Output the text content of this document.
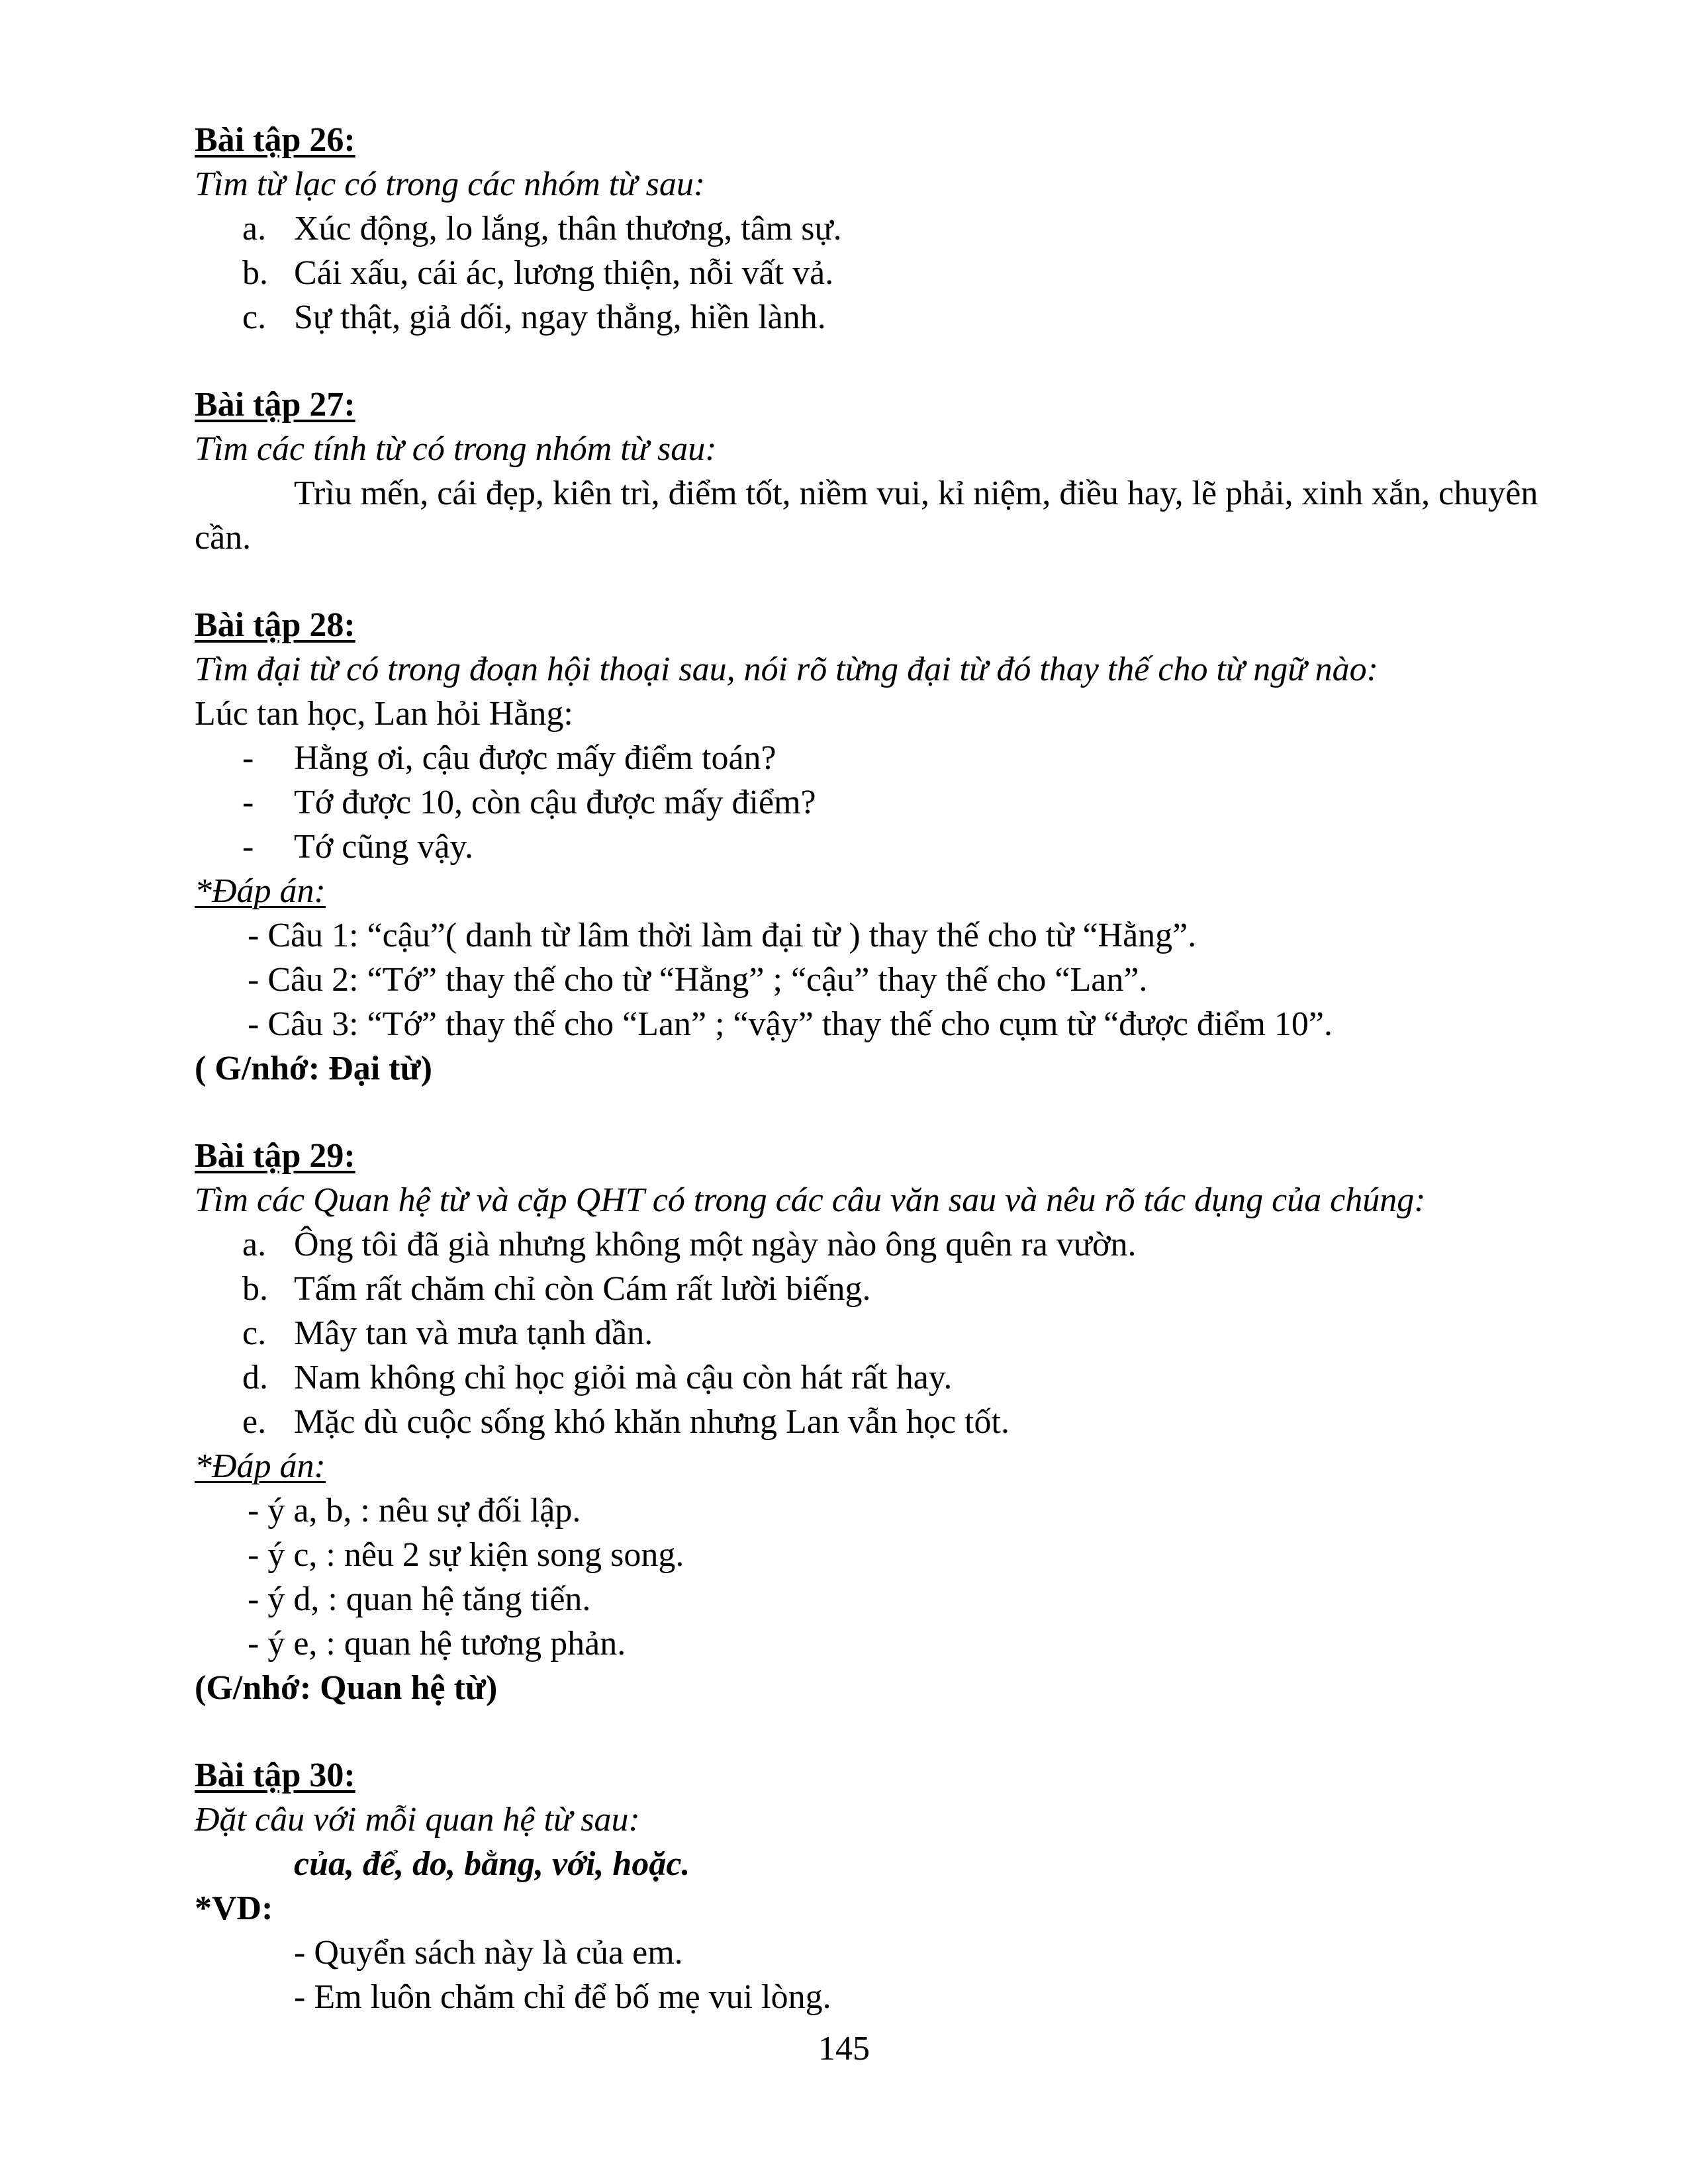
Bài tập 26:
Tìm từ lạc có trong các nhóm từ sau:
a. Xúc động, lo lắng, thân thương, tâm sự.
b. Cái xấu, cái ác, lương thiện, nỗi vất vả.
c. Sự thật, giả dối, ngay thẳng, hiền lành.
Bài tập 27:
Tìm các tính từ có trong nhóm từ sau:
Trìu mến, cái đẹp, kiên trì, điểm tốt, niềm vui, kỉ niệm, điều hay, lẽ phải, xinh xắn, chuyên cần.
Bài tập 28:
Tìm đại từ có trong đoạn hội thoại sau, nói rõ từng đại từ đó thay thế cho từ ngữ nào:
Lúc tan học, Lan hỏi Hằng:
- Hằng ơi, cậu được mấy điểm toán?
- Tớ được 10, còn cậu được mấy điểm?
- Tớ cũng vậy.
*Đáp án:
- Câu 1: “cậu”( danh từ lâm thời làm đại từ ) thay thế cho từ “Hằng”.
- Câu 2: “Tớ” thay thế cho từ “Hằng” ; “cậu” thay thế cho “Lan”.
- Câu 3: “Tớ” thay thế cho “Lan” ; “vậy” thay thế cho cụm từ “được điểm 10”.
( G/nhớ: Đại từ)
Bài tập 29:
Tìm các Quan hệ từ và cặp QHT có trong các câu văn sau và nêu rõ tác dụng của chúng:
a. Ông tôi đã già nhưng không một ngày nào ông quên ra vườn.
b. Tấm rất chăm chỉ còn Cám rất lười biếng.
c. Mây tan và mưa tạnh dần.
d. Nam không chỉ học giỏi mà cậu còn hát rất hay.
e. Mặc dù cuộc sống khó khăn nhưng Lan vẫn học tốt.
*Đáp án:
- ý a, b, : nêu sự đối lập.
- ý c, : nêu 2 sự kiện song song.
- ý d, : quan hệ tăng tiến.
- ý e, : quan hệ tương phản.
(G/nhớ: Quan hệ từ)
Bài tập 30:
Đặt câu với mỗi quan hệ từ sau:
của, để, do, bằng, với, hoặc.
*VD:
- Quyển sách này là của em.
- Em luôn chăm chỉ để bố mẹ vui lòng.
145
